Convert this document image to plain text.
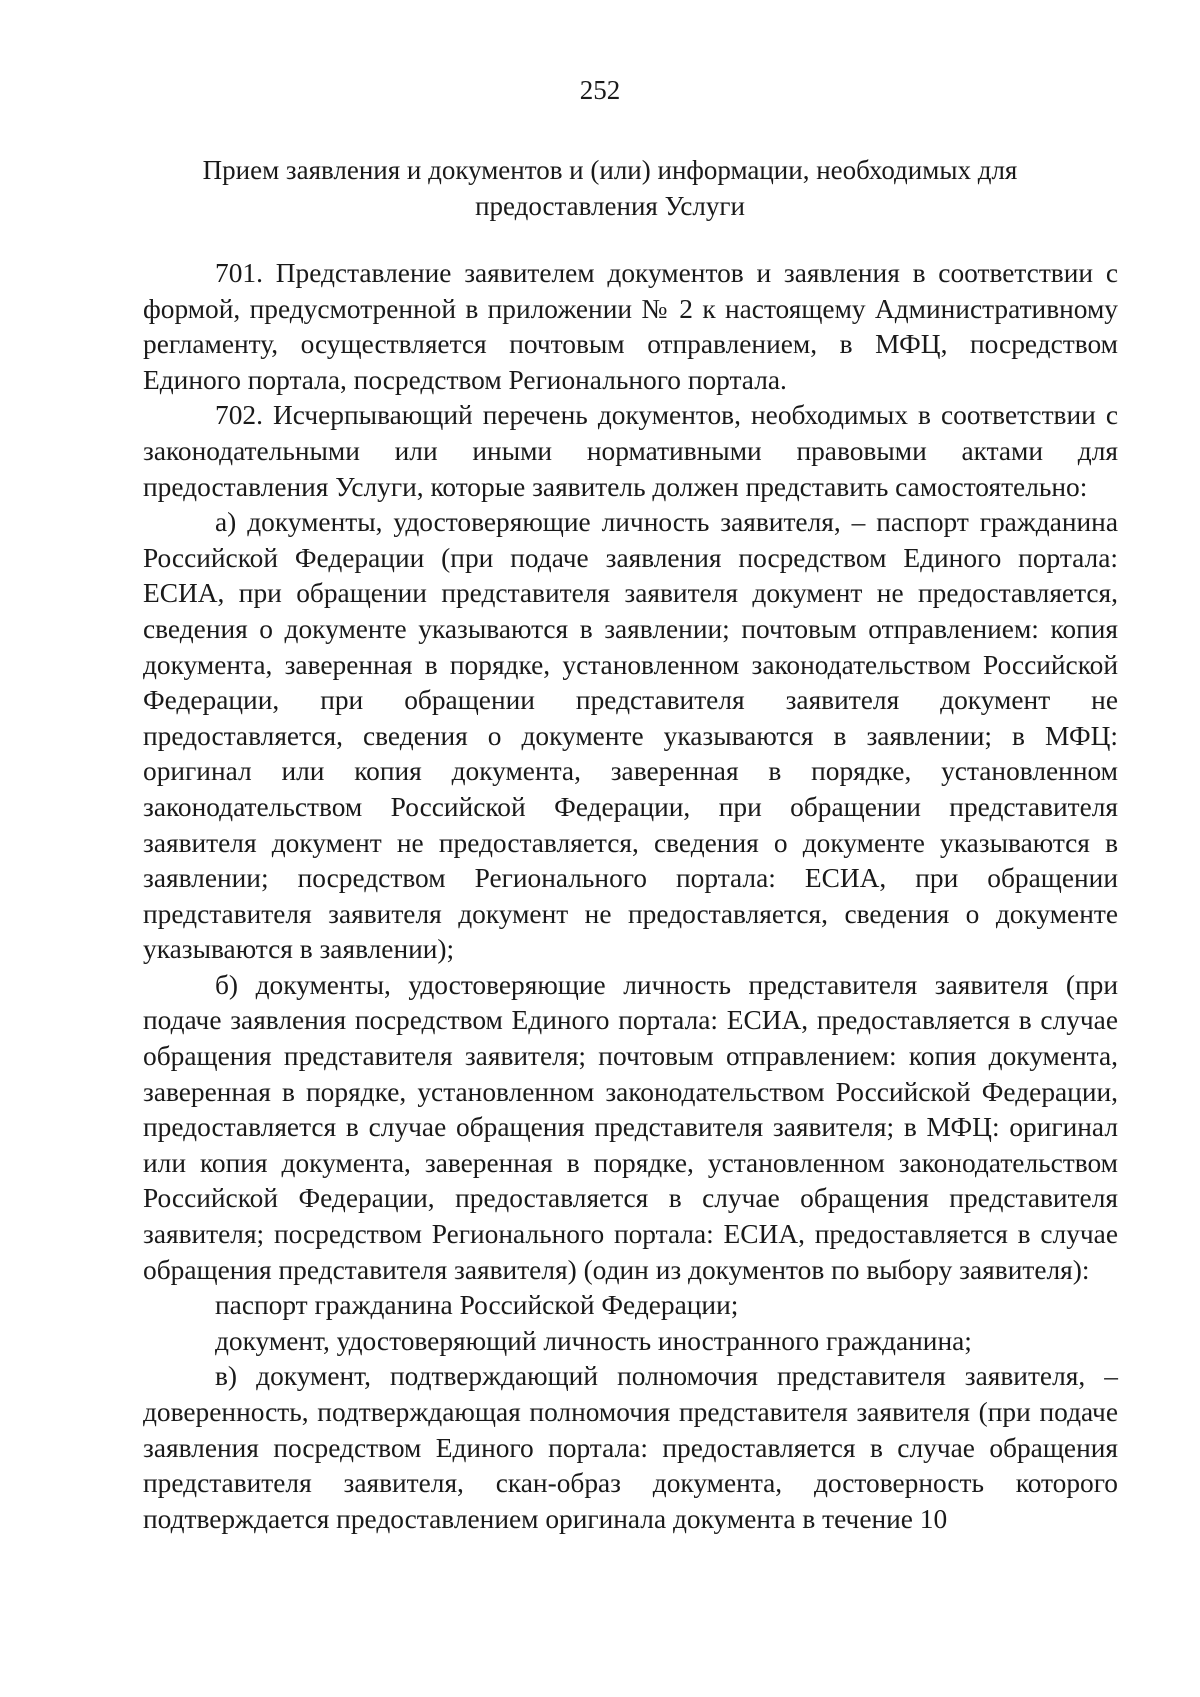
252
Прием заявления и документов и (или) информации, необходимых для предоставления Услуги

701. Представление заявителем документов и заявления в соответствии с формой, предусмотренной в приложении № 2 к настоящему Административному регламенту, осуществляется почтовым отправлением, в МФЦ, посредством Единого портала, посредством Регионального портала.

702. Исчерпывающий перечень документов, необходимых в соответствии с законодательными или иными нормативными правовыми актами для предоставления Услуги, которые заявитель должен представить самостоятельно:

а) документы, удостоверяющие личность заявителя, – паспорт гражданина Российской Федерации (при подаче заявления посредством Единого портала: ЕСИА, при обращении представителя заявителя документ не предоставляется, сведения о документе указываются в заявлении; почтовым отправлением: копия документа, заверенная в порядке, установленном законодательством Российской Федерации, при обращении представителя заявителя документ не предоставляется, сведения о документе указываются в заявлении; в МФЦ: оригинал или копия документа, заверенная в порядке, установленном законодательством Российской Федерации, при обращении представителя заявителя документ не предоставляется, сведения о документе указываются в заявлении; посредством Регионального портала: ЕСИА, при обращении представителя заявителя документ не предоставляется, сведения о документе указываются в заявлении);

б) документы, удостоверяющие личность представителя заявителя (при подаче заявления посредством Единого портала: ЕСИА, предоставляется в случае обращения представителя заявителя; почтовым отправлением: копия документа, заверенная в порядке, установленном законодательством Российской Федерации, предоставляется в случае обращения представителя заявителя; в МФЦ: оригинал или копия документа, заверенная в порядке, установленном законодательством Российской Федерации, предоставляется в случае обращения представителя заявителя; посредством Регионального портала: ЕСИА, предоставляется в случае обращения представителя заявителя) (один из документов по выбору заявителя):

паспорт гражданина Российской Федерации;

документ, удостоверяющий личность иностранного гражданина;

в) документ, подтверждающий полномочия представителя заявителя, – доверенность, подтверждающая полномочия представителя заявителя (при подаче заявления посредством Единого портала: предоставляется в случае обращения представителя заявителя, скан-образ документа, достоверность которого подтверждается предоставлением оригинала документа в течение 10
